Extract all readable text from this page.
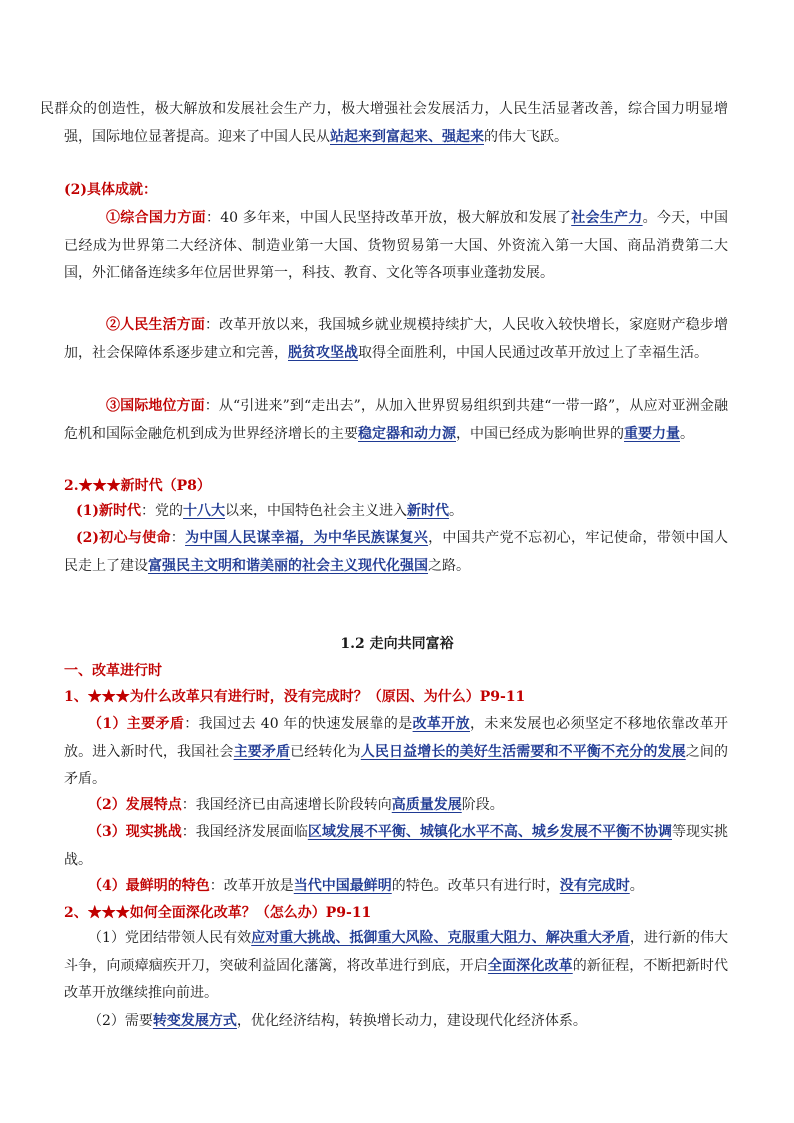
民群众的创造性，极大解放和发展社会生产力，极大增强社会发展活力，人民生活显著改善，综合国力明显增强，国际地位显著提高。迎来了中国人民从站起来到富起来、强起来的伟大飞跃。

(2)具体成就：

①综合国力方面：40 多年来，中国人民坚持改革开放，极大解放和发展了社会生产力。今天，中国已经成为世界第二大经济体、制造业第一大国、货物贸易第一大国、外资流入第一大国、商品消费第二大国，外汇储备连续多年位居世界第一，科技、教育、文化等各项事业蓬勃发展。

②人民生活方面：改革开放以来，我国城乡就业规模持续扩大，人民收入较快增长，家庭财产稳步增加，社会保障体系逐步建立和完善，脱贫攻坚战取得全面胜利，中国人民通过改革开放过上了幸福生活。

③国际地位方面：从“引进来”到“走出去”，从加入世界贸易组织到共建“一带一路”，从应对亚洲金融危机和国际金融危机到成为世界经济增长的主要稳定器和动力源，中国已经成为影响世界的重要力量。

2.★★★新时代（P8）

(1)新时代：党的十八大以来，中国特色社会主义进入新时代。

(2)初心与使命：为中国人民谋幸福，为中华民族谋复兴，中国共产党不忘初心，牢记使命，带领中国人民走上了建设富强民主文明和谐美丽的社会主义现代化强国之路。

1.2 走向共同富裕
一、改革进行时
1、★★★为什么改革只有进行时，没有完成时？（原因、为什么）P9-11

（1）主要矛盾：我国过去 40 年的快速发展靠的是改革开放，未来发展也必须坚定不移地依靠改革开放。进入新时代，我国社会主要矛盾已经转化为人民日益增长的美好生活需要和不平衡不充分的发展之间的矛盾。

（2）发展特点：我国经济已由高速增长阶段转向高质量发展阶段。

（3）现实挑战：我国经济发展面临区域发展不平衡、城镇化水平不高、城乡发展不平衡不协调等现实挑战。

（4）最鲜明的特色：改革开放是当代中国最鲜明的特色。改革只有进行时，没有完成时。

2、★★★如何全面深化改革？（怎么办）P9-11

（1）党团结带领人民有效应对重大挑战、抵御重大风险、克服重大阻力、解决重大矛盾，进行新的伟大斗争，向顽瘴痼疾开刀，突破利益固化藩篱，将改革进行到底，开启全面深化改革的新征程，不断把新时代改革开放继续推向前进。

（2）需要转变发展方式，优化经济结构，转换增长动力，建设现代化经济体系。
